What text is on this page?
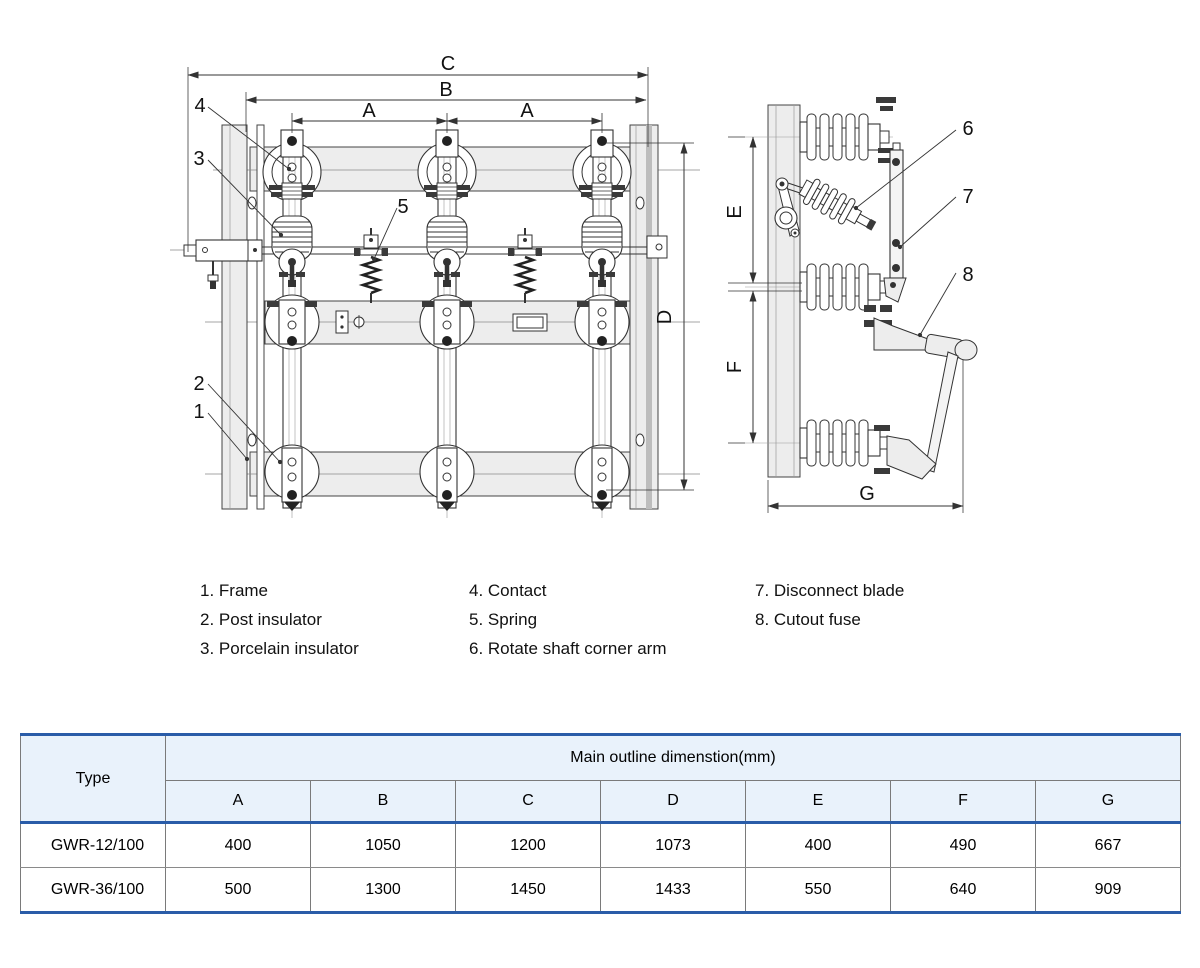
C
B
A	A
D
4
3
5
2
1
E
F
G
6
7
8
1. Frame
2. Post insulator
3. Porcelain insulator
4. Contact
5. Spring
6. Rotate shaft corner arm
7. Disconnect blade
8. Cutout fuse
Type	Main outline dimenstion(mm)						
	A	B	C	D	E	F	G
GWR-12/100	400	1050	1200	1073	400	490	667
GWR-36/100	500	1300	1450	1433	550	640	909
